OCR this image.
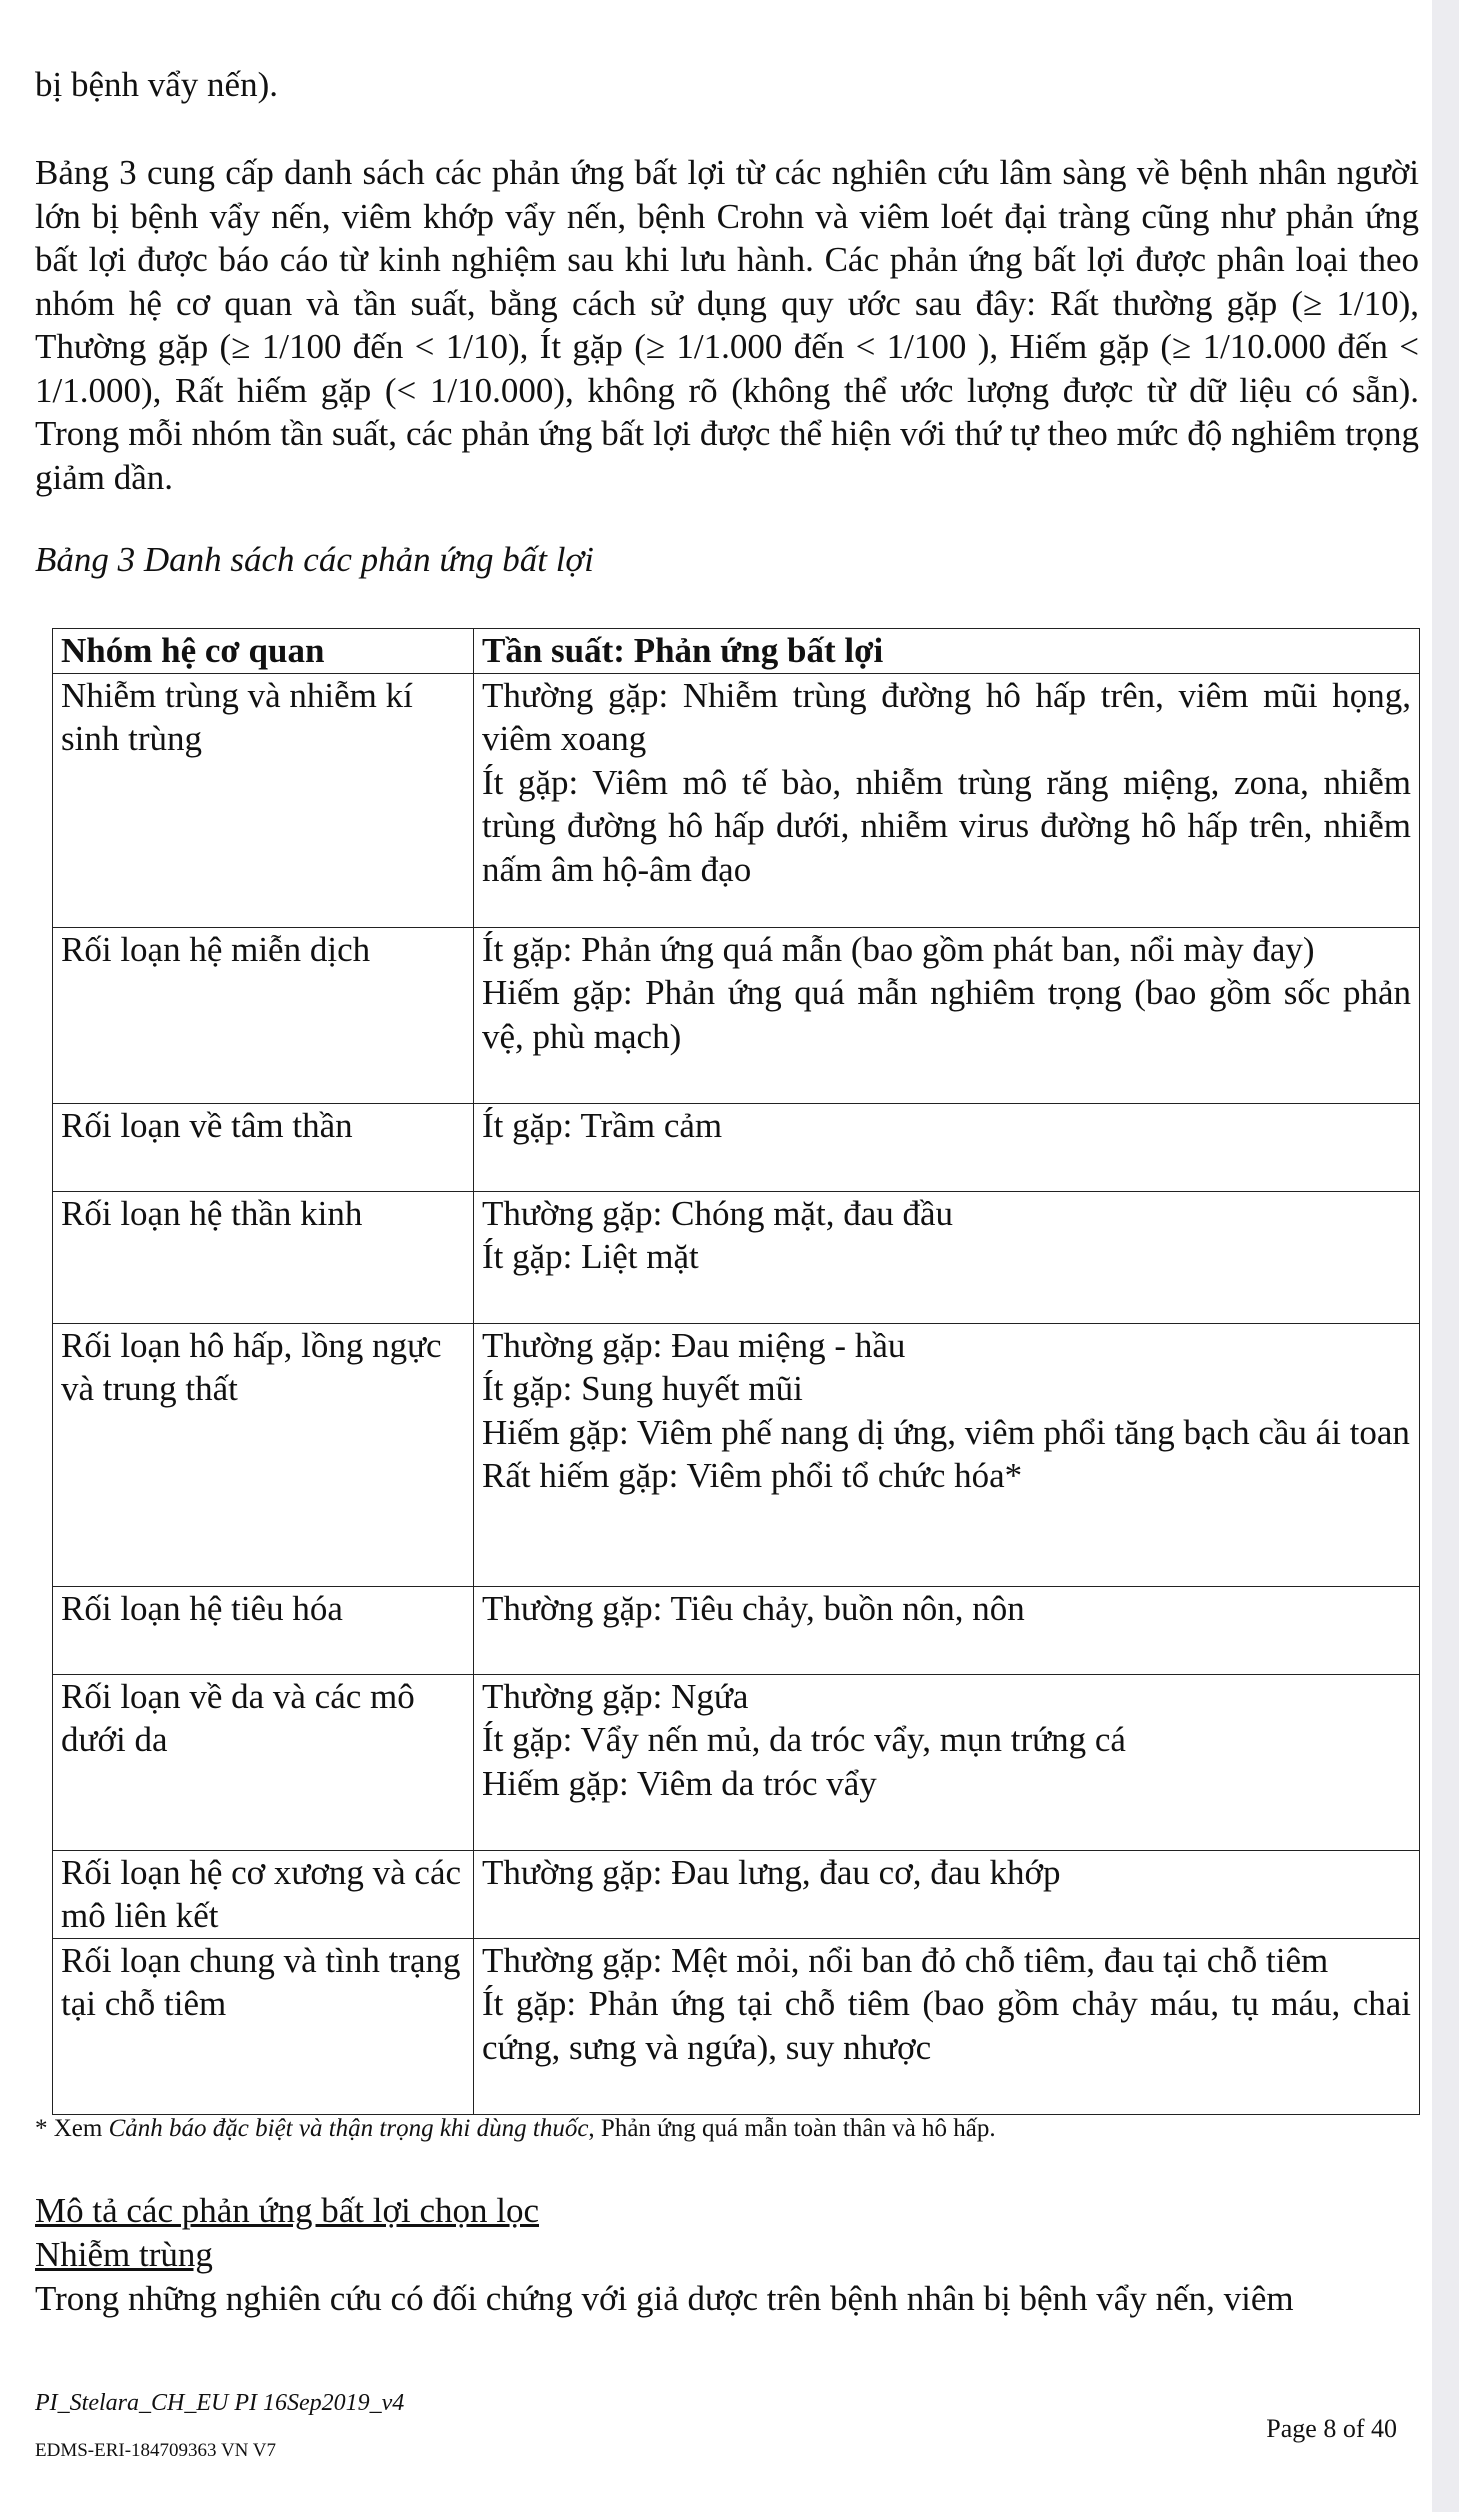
bị bệnh vẩy nến).
Bảng 3 cung cấp danh sách các phản ứng bất lợi từ các nghiên cứu lâm sàng về bệnh nhân người lớn bị bệnh vẩy nến, viêm khớp vẩy nến, bệnh Crohn và viêm loét đại tràng cũng như phản ứng bất lợi được báo cáo từ kinh nghiệm sau khi lưu hành. Các phản ứng bất lợi được phân loại theo nhóm hệ cơ quan và tần suất, bằng cách sử dụng quy ước sau đây: Rất thường gặp (≥ 1/10), Thường gặp (≥ 1/100 đến < 1/10), Ít gặp (≥ 1/1.000 đến < 1/100 ), Hiếm gặp (≥ 1/10.000 đến < 1/1.000), Rất hiếm gặp (< 1/10.000), không rõ (không thể ước lượng được từ dữ liệu có sẵn). Trong mỗi nhóm tần suất, các phản ứng bất lợi được thể hiện với thứ tự theo mức độ nghiêm trọng giảm dần.
Bảng 3 Danh sách các phản ứng bất lợi
Nhóm hệ cơ quan	Tần suất: Phản ứng bất lợi
Nhiễm trùng và nhiễm kí sinh trùng	Thường gặp: Nhiễm trùng đường hô hấp trên, viêm mũi họng, viêm xoang
Ít gặp: Viêm mô tế bào, nhiễm trùng răng miệng, zona, nhiễm trùng đường hô hấp dưới, nhiễm virus đường hô hấp trên, nhiễm nấm âm hộ-âm đạo

Rối loạn hệ miễn dịch	Ít gặp: Phản ứng quá mẫn (bao gồm phát ban, nổi mày đay)
Hiếm gặp: Phản ứng quá mẫn nghiêm trọng (bao gồm sốc phản vệ, phù mạch)

Rối loạn về tâm thần	Ít gặp: Trầm cảm

Rối loạn hệ thần kinh	Thường gặp: Chóng mặt, đau đầu
Ít gặp: Liệt mặt

Rối loạn hô hấp, lồng ngực và trung thất	Thường gặp: Đau miệng - hầu
Ít gặp: Sung huyết mũi
Hiếm gặp: Viêm phế nang dị ứng, viêm phổi tăng bạch cầu ái toan
Rất hiếm gặp: Viêm phổi tổ chức hóa*

Rối loạn hệ tiêu hóa	Thường gặp: Tiêu chảy, buồn nôn, nôn

Rối loạn về da và các mô dưới da	Thường gặp: Ngứa
Ít gặp: Vẩy nến mủ, da tróc vẩy, mụn trứng cá
Hiếm gặp: Viêm da tróc vẩy

Rối loạn hệ cơ xương và các mô liên kết	Thường gặp: Đau lưng, đau cơ, đau khớp

Rối loạn chung và tình trạng tại chỗ tiêm	Thường gặp: Mệt mỏi, nổi ban đỏ chỗ tiêm, đau tại chỗ tiêm
Ít gặp: Phản ứng tại chỗ tiêm (bao gồm chảy máu, tụ máu, chai cứng, sưng và ngứa), suy nhược
* Xem Cảnh báo đặc biệt và thận trọng khi dùng thuốc, Phản ứng quá mẫn toàn thân và hô hấp.
Mô tả các phản ứng bất lợi chọn lọc
Nhiễm trùng
Trong những nghiên cứu có đối chứng với giả dược trên bệnh nhân bị bệnh vẩy nến, viêm
PI_Stelara_CH_EU PI 16Sep2019_v4
EDMS-ERI-184709363 VN V7
Page 8 of 40
